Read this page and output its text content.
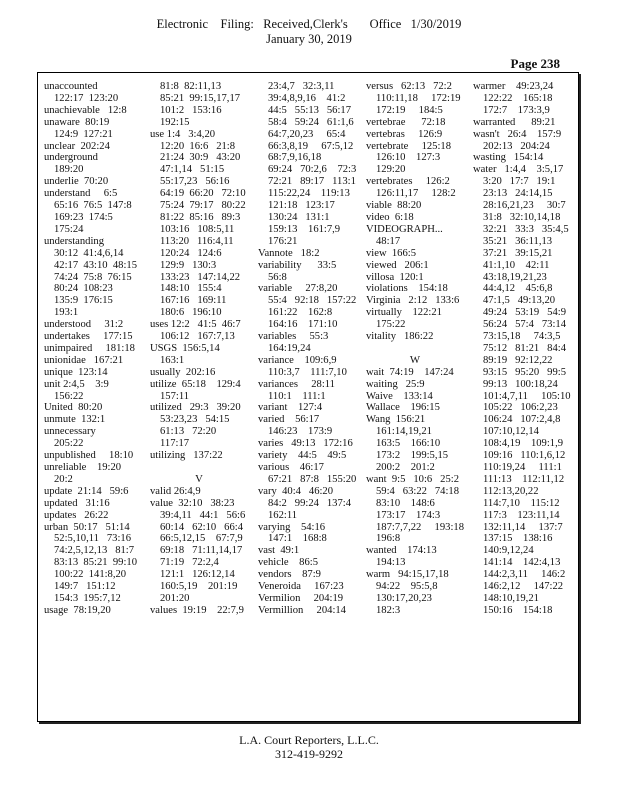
Electronic    Filing:   Received,Clerk's       Office   1/30/2019
January 30, 2019
Page 238
unaccounted
122:17  123:20
unachievable   12:8
unaware  80:19
124:9  127:21
unclear  202:24
underground
189:20
underlie  70:20
understand     6:5
65:16  76:5  147:8
169:23  174:5
175:24
understanding
30:12  41:4,6,14
42:17  43:10  48:15
74:24  75:8  76:15
80:24  108:23
135:9  176:15
193:1
understood     31:2
undertakes     177:15
unimpaired     181:18
unionidae   167:21
unique  123:14
unit 2:4,5    3:9
156:22
United  80:20
unmute  132:1
unnecessary
205:22
unpublished     18:10
unreliable    19:20
20:2
update  21:14   59:6
updated   31:16
updates   26:22
urban  50:17   51:14
52:5,10,11   73:16
74:2,5,12,13   81:7
83:13  85:21  99:10
100:22  141:8,20
149:7   151:12
154:3  195:7,12
usage  78:19,20
81:8  82:11,13
85:21  99:15,17,17
101:2   153:16
192:15
use 1:4   3:4,20
12:20  16:6   21:8
21:24  30:9   43:20
47:1,14   51:15
55:17,23   56:16
64:19  66:20   72:10
75:24  79:17   80:22
81:22  85:16   89:3
103:16   108:5,11
113:20   116:4,11
120:24   124:6
129:9   130:3
133:23   147:14,22
148:10   155:4
167:16   169:11
180:6   196:10
uses 12:2   41:5  46:7
106:12   167:7,13
USGS  156:5,14
163:1
usually  202:16
utilize  65:18    129:4
157:11
utilized   29:3   39:20
53:23,23   54:15
61:13   72:20
117:17
utilizing   137:22

V
valid 26:4,9
value  32:10   38:23
39:4,11   44:1   56:6
60:14   62:10   66:4
66:5,12,15    67:7,9
69:18   71:11,14,17
71:19   72:2,4
121:1   126:12,14
160:5,19    201:19
201:20
values  19:19    22:7,9
23:4,7   32:3,11
39:4,8,9,16    41:2
44:5   55:13   56:17
58:4   59:24   61:1,6
64:7,20,23     65:4
66:3,8,19     67:5,12
68:7,9,16,18
69:24   70:2,6    72:3
72:21   89:17   113:1
115:22,24    119:13
121:18   123:17
130:24   131:1
159:13    161:7,9
176:21
Vannote   18:2
variability      33:5
56:8
variable     27:8,20
55:4   92:18   157:22
161:22    162:8
164:16    171:10
variables     55:3
164:19,24
variance    109:6,9
110:3,7    111:7,10
variances     28:11
110:1    111:1
variant    127:4
varied    56:17
146:23    173:9
varies   49:13   172:16
variety    44:5    49:5
various    46:17
67:21   87:8   155:20
vary  40:4   46:20
84:2   99:24   137:4
162:11
varying    54:16
147:1    168:8
vast  49:1
vehicle    86:5
vendors    87:9
Veneroida     167:23
Vermilion     204:19
Vermillion     204:14
versus   62:13   72:2
110:11,18     172:19
172:19     184:5
vertebrae      72:18
vertebras     126:9
vertebrate     125:18
126:10    127:3
129:20
vertebrates     126:2
126:11,17     128:2
viable  88:20
video  6:18
VIDEOGRAPH...
48:17
view  166:5
viewed   206:1
villosa  120:1
violations    154:18
Virginia   2:12   133:6
virtually    122:21
175:22
vitality   186:22

W
wait  74:19    147:24
waiting   25:9
Waive    133:14
Wallace    196:15
Wang  156:21
161:14,19,21
163:5    166:10
173:2    199:5,15
200:2    201:2
want  9:5   10:6   25:2
59:4   63:22   74:18
83:10    148:6
173:17    174:3
187:7,7,22     193:18
196:8
wanted    174:13
194:13
warm   94:15,17,18
94:22    95:5,8
130:17,20,23
182:3
warmer    49:23,24
122:22    165:18
172:7    173:3,9
warranted      89:21
wasn't   26:4    157:9
202:13   204:24
wasting   154:14
water   1:4,4    3:5,17
3:20   17:7   19:1
23:13   24:14,15
28:16,21,23     30:7
31:8   32:10,14,18
32:21   33:3   35:4,5
35:21   36:11,13
37:21   39:15,21
41:1,10    42:11
43:18,19,21,23
44:4,12    45:6,8
47:1,5   49:13,20
49:24   53:19   54:9
56:24   57:4   73:14
73:15,18     74:3,5
75:12   81:21   84:4
89:19   92:12,22
93:15   95:20   99:5
99:13   100:18,24
101:4,7,11     105:10
105:22   106:2,23
106:24   107:2,4,8
107:10,12,14
108:4,19    109:1,9
109:16   110:1,6,12
110:19,24     111:1
111:13    112:11,12
112:13,20,22
114:7,10    115:12
117:3    123:11,14
132:11,14     137:7
137:15    138:16
140:9,12,24
141:14    142:4,13
144:2,3,11     146:2
146:2,12     147:22
148:10,19,21
150:16    154:18
L.A. Court Reporters, L.L.C.
312-419-9292
